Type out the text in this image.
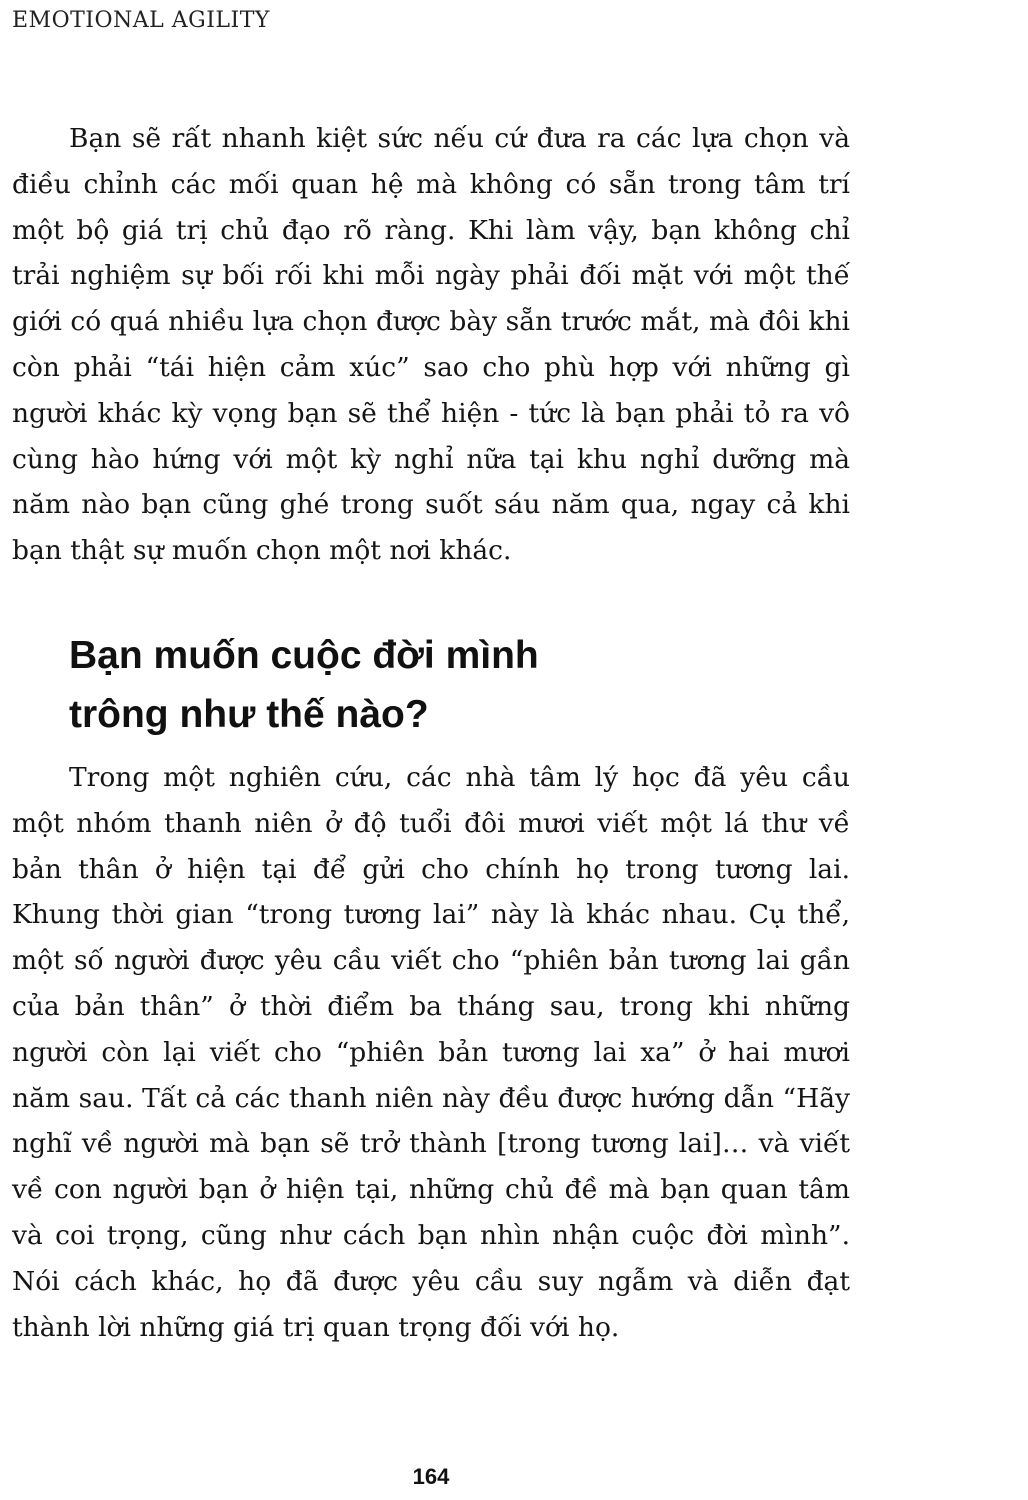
EMOTIONAL AGILITY

Bạn sẽ rất nhanh kiệt sức nếu cứ đưa ra các lựa chọn và điều chỉnh các mối quan hệ mà không có sẵn trong tâm trí một bộ giá trị chủ đạo rõ ràng. Khi làm vậy, bạn không chỉ trải nghiệm sự bối rối khi mỗi ngày phải đối mặt với một thế giới có quá nhiều lựa chọn được bày sẵn trước mắt, mà đôi khi còn phải “tái hiện cảm xúc” sao cho phù hợp với những gì người khác kỳ vọng bạn sẽ thể hiện - tức là bạn phải tỏ ra vô cùng hào hứng với một kỳ nghỉ nữa tại khu nghỉ dưỡng mà năm nào bạn cũng ghé trong suốt sáu năm qua, ngay cả khi bạn thật sự muốn chọn một nơi khác.

Bạn muốn cuộc đời mình
trông như thế nào?

Trong một nghiên cứu, các nhà tâm lý học đã yêu cầu một nhóm thanh niên ở độ tuổi đôi mươi viết một lá thư về bản thân ở hiện tại để gửi cho chính họ trong tương lai. Khung thời gian “trong tương lai” này là khác nhau. Cụ thể, một số người được yêu cầu viết cho “phiên bản tương lai gần của bản thân” ở thời điểm ba tháng sau, trong khi những người còn lại viết cho “phiên bản tương lai xa” ở hai mươi năm sau. Tất cả các thanh niên này đều được hướng dẫn “Hãy nghĩ về người mà bạn sẽ trở thành [trong tương lai]… và viết về con người bạn ở hiện tại, những chủ đề mà bạn quan tâm và coi trọng, cũng như cách bạn nhìn nhận cuộc đời mình”. Nói cách khác, họ đã được yêu cầu suy ngẫm và diễn đạt thành lời những giá trị quan trọng đối với họ.

164
